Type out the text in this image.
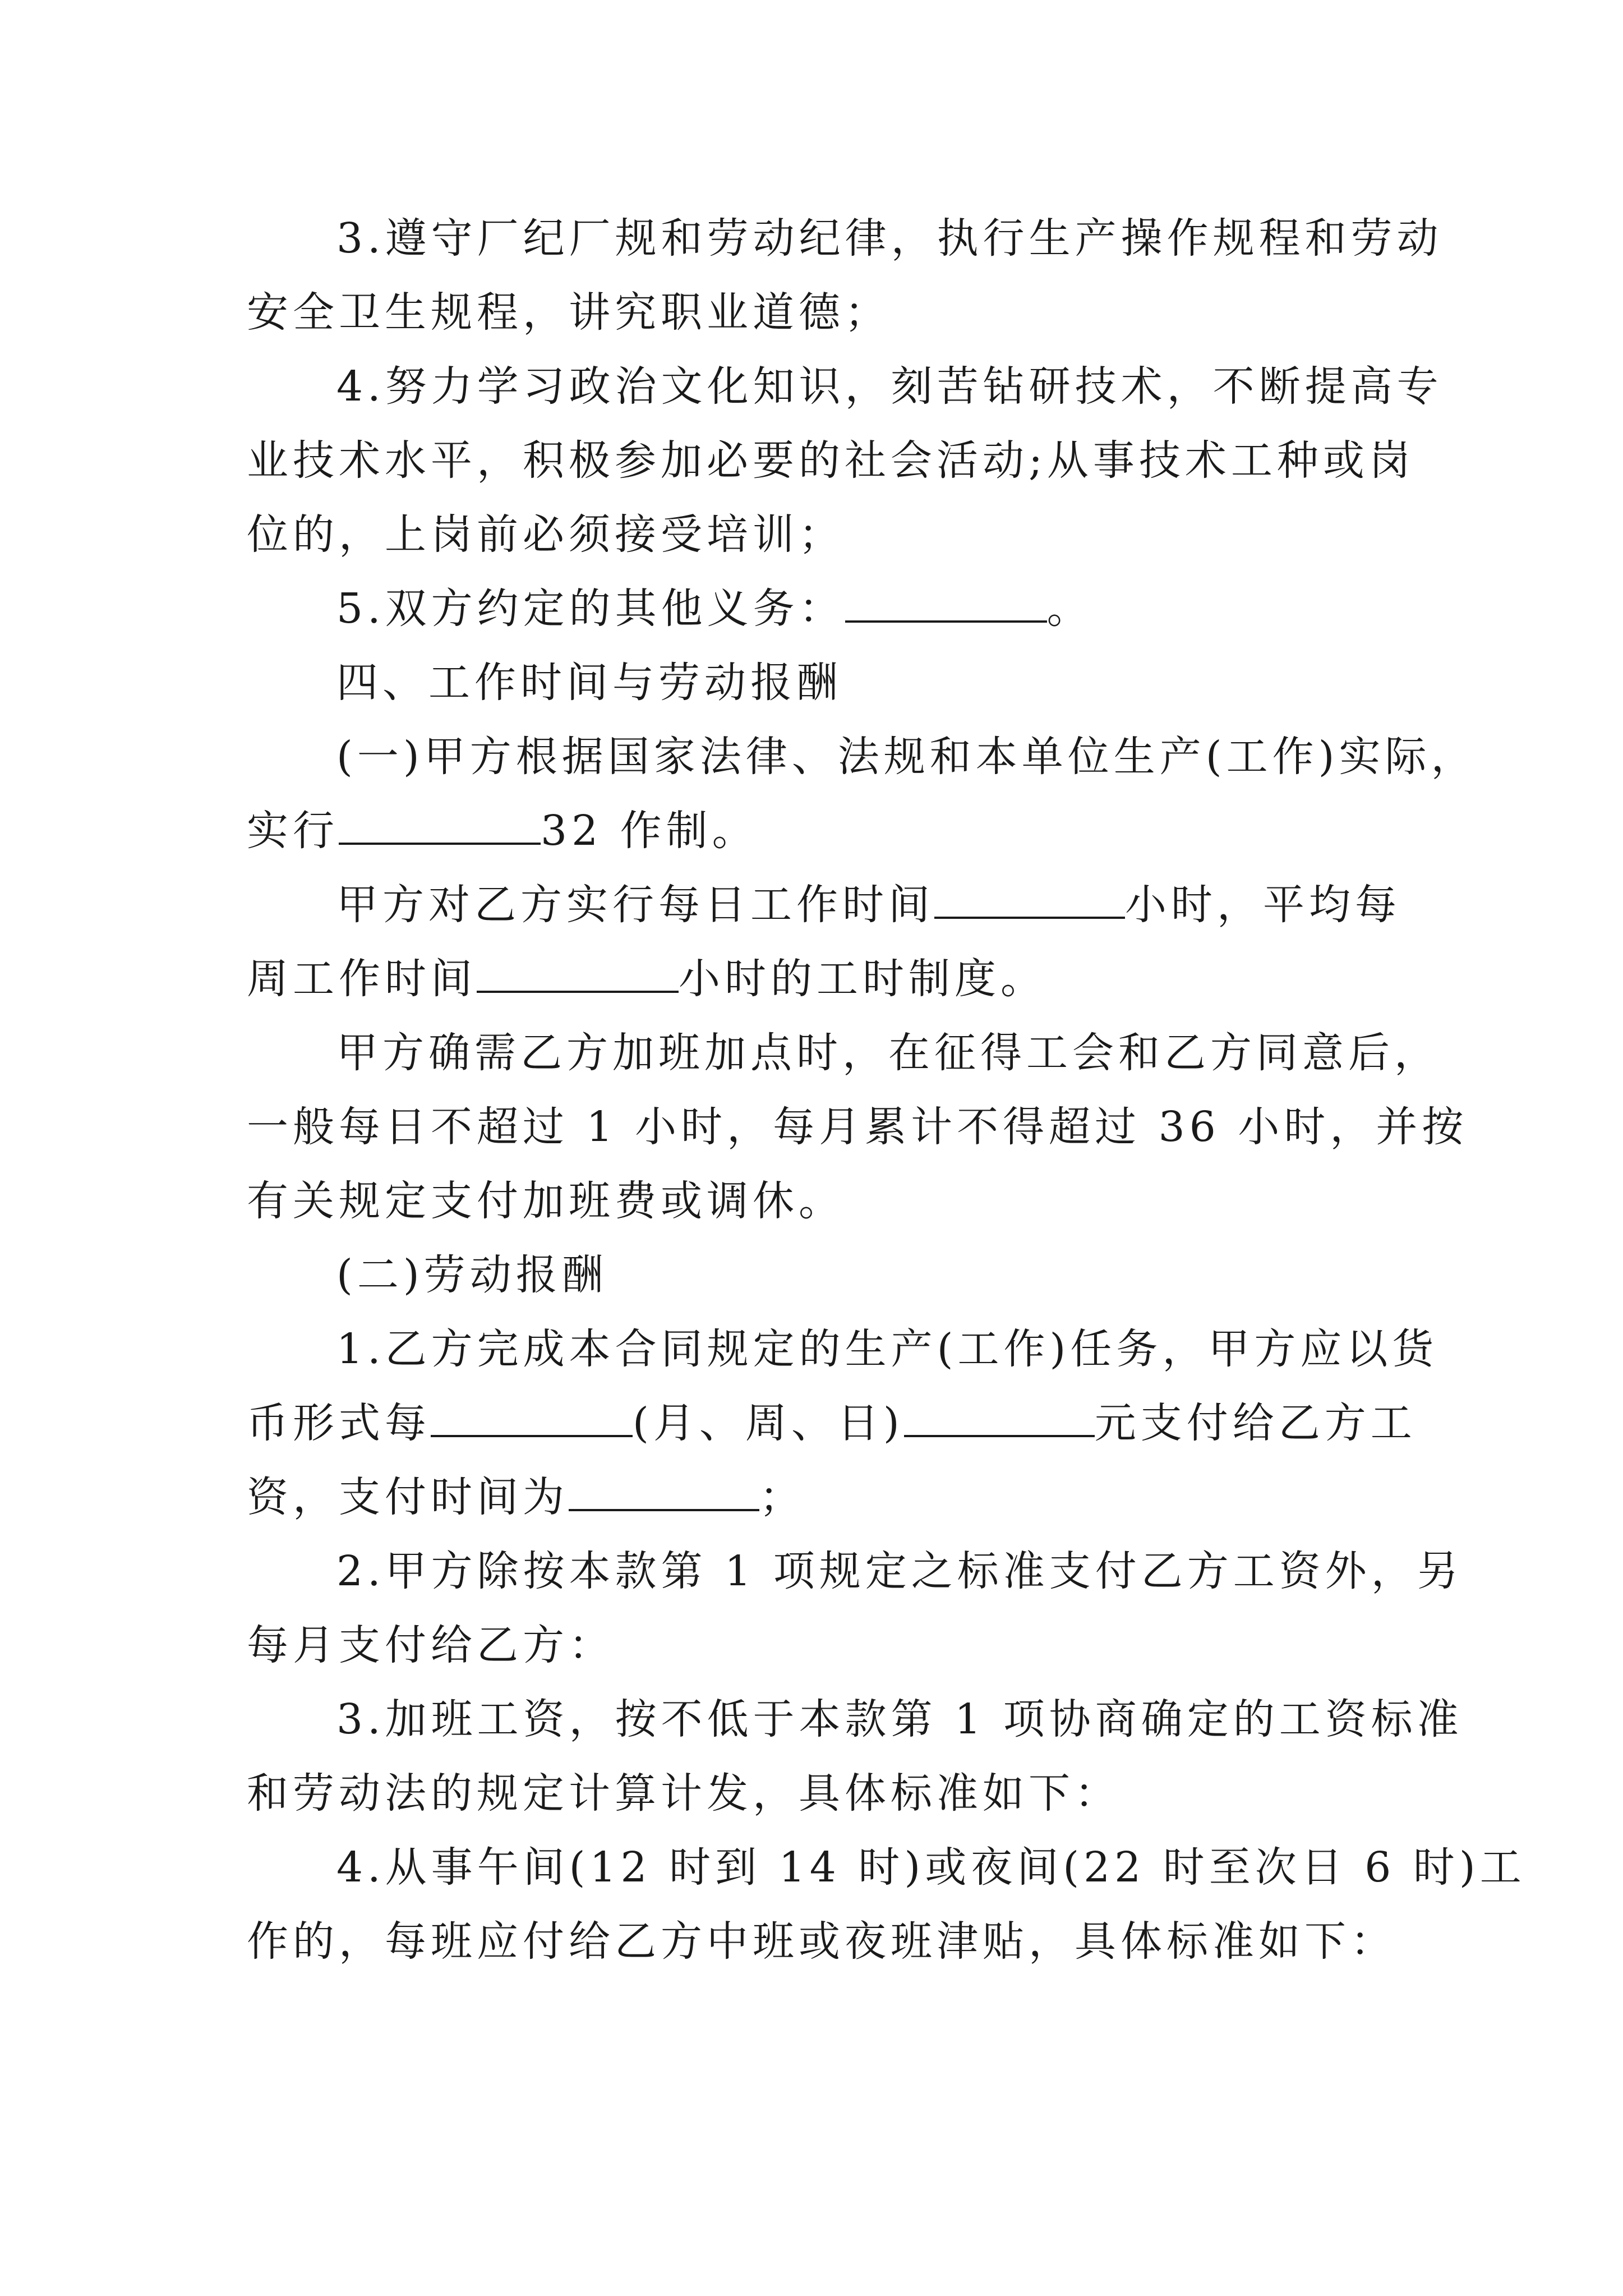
3.遵守厂纪厂规和劳动纪律，执行生产操作规程和劳动
安全卫生规程，讲究职业道德；
4.努力学习政治文化知识，刻苦钻研技术，不断提高专
业技术水平，积极参加必要的社会活动;从事技术工种或岗
位的，上岗前必须接受培训；
5.双方约定的其他义务：	。
四、工作时间与劳动报酬
(一)甲方根据国家法律、法规和本单位生产(工作)实际，
实行	32 作制。
甲方对乙方实行每日工作时间	小时，平均每
周工作时间	小时的工时制度。
甲方确需乙方加班加点时，在征得工会和乙方同意后，
一般每日不超过 1 小时，每月累计不得超过 36 小时，并按
有关规定支付加班费或调休。
(二)劳动报酬
1.乙方完成本合同规定的生产(工作)任务，甲方应以货
币形式每	(月、周、日)	元支付给乙方工
资，支付时间为	；
2.甲方除按本款第 1 项规定之标准支付乙方工资外，另
每月支付给乙方：
3.加班工资，按不低于本款第 1 项协商确定的工资标准
和劳动法的规定计算计发，具体标准如下：
4.从事午间(12 时到 14 时)或夜间(22 时至次日 6 时)工
作的，每班应付给乙方中班或夜班津贴，具体标准如下：
